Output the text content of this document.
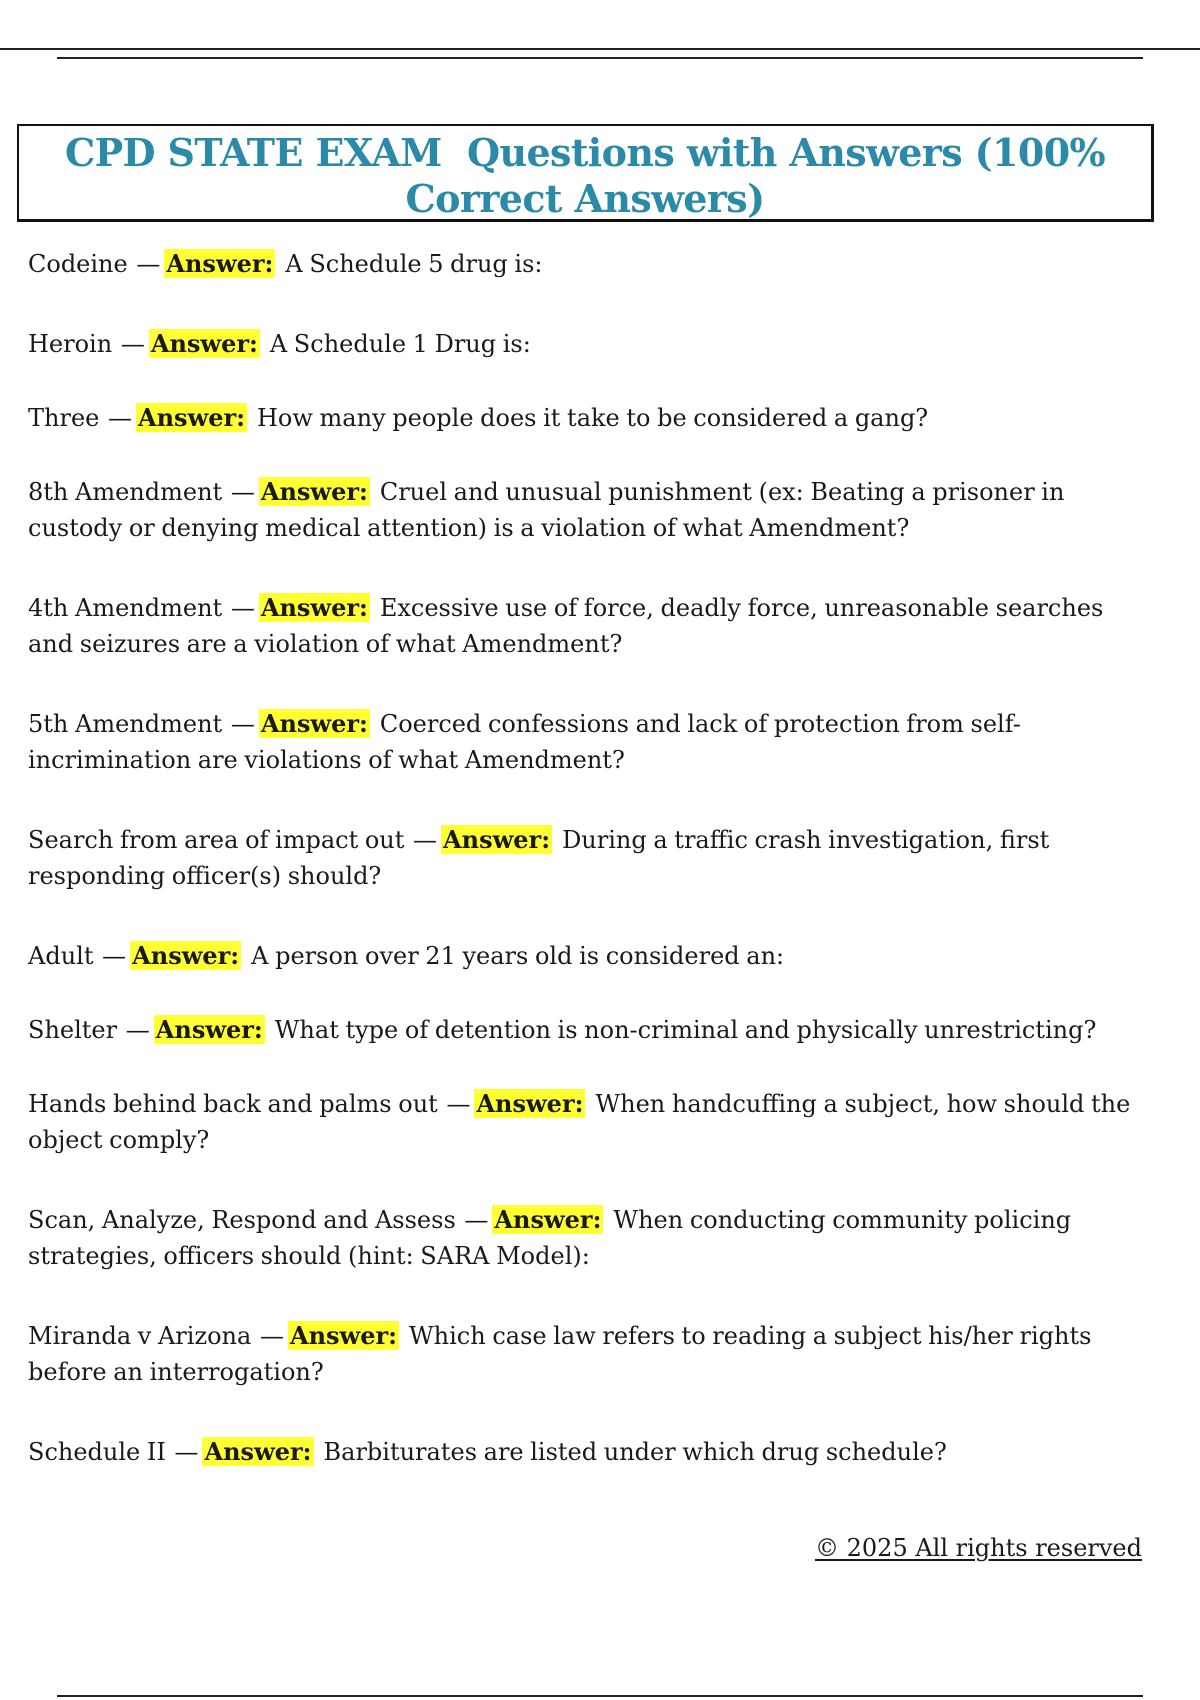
CPD STATE EXAM  Questions with Answers (100% Correct Answers)
Codeine — Answer: A Schedule 5 drug is:
Heroin — Answer: A Schedule 1 Drug is:
Three — Answer: How many people does it take to be considered a gang?
8th Amendment — Answer: Cruel and unusual punishment (ex: Beating a prisoner in custody or denying medical attention) is a violation of what Amendment?
4th Amendment — Answer: Excessive use of force, deadly force, unreasonable searches and seizures are a violation of what Amendment?
5th Amendment — Answer: Coerced confessions and lack of protection from self-incrimination are violations of what Amendment?
Search from area of impact out — Answer: During a traffic crash investigation, first responding officer(s) should?
Adult — Answer: A person over 21 years old is considered an:
Shelter — Answer: What type of detention is non-criminal and physically unrestricting?
Hands behind back and palms out — Answer: When handcuffing a subject, how should the object comply?
Scan, Analyze, Respond and Assess — Answer: When conducting community policing strategies, officers should (hint: SARA Model):
Miranda v Arizona — Answer: Which case law refers to reading a subject his/her rights before an interrogation?
Schedule II — Answer: Barbiturates are listed under which drug schedule?
© 2025 All rights reserved
